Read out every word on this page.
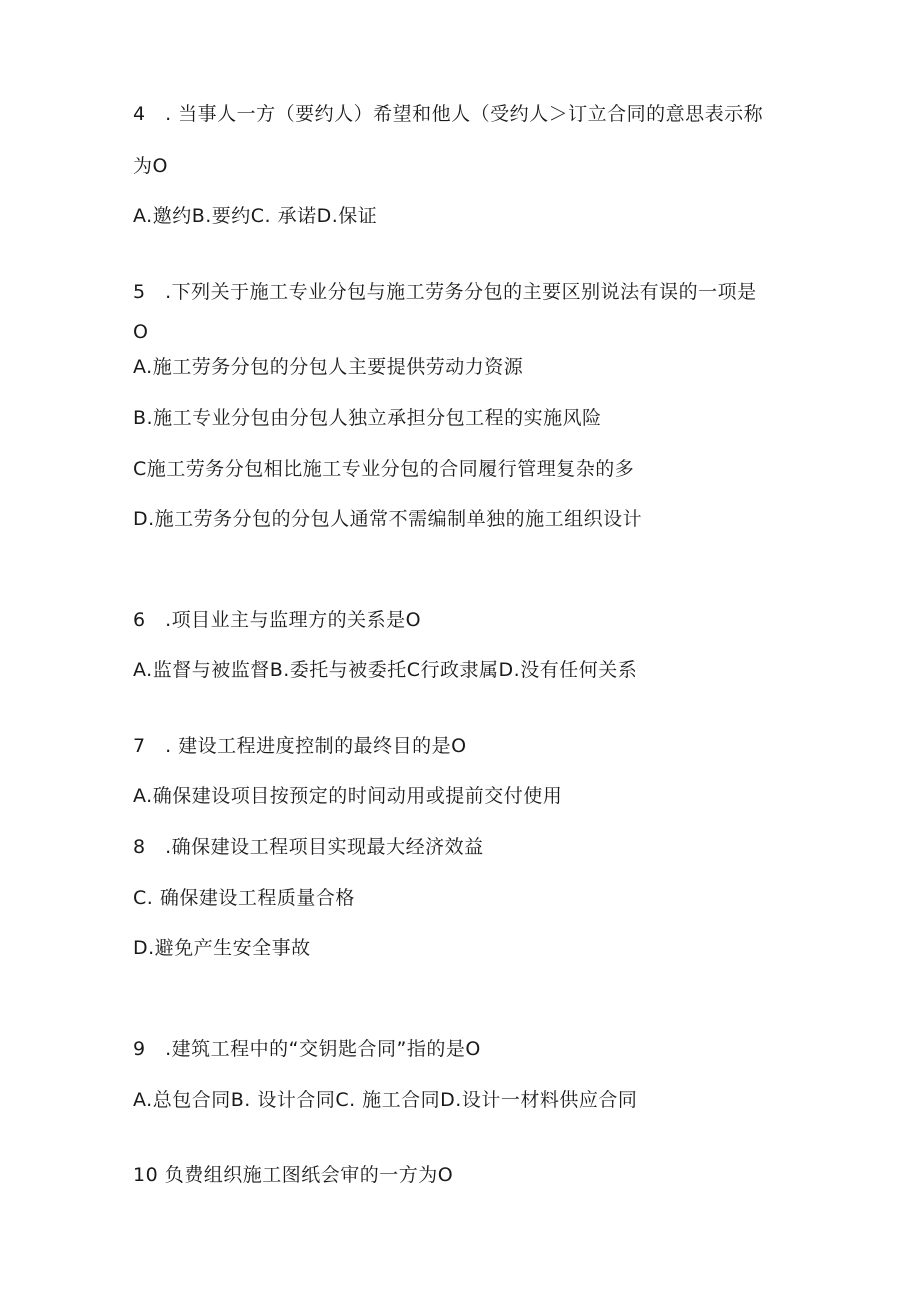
4　. 当事人一方（要约人）希望和他人（受约人＞订立合同的意思表示称
为O
A.邀约B.要约C. 承诺D.保证
5　.下列关于施工专业分包与施工劳务分包的主要区别说法有误的一项是
O
A.施工劳务分包的分包人主要提供劳动力资源
B.施工专业分包由分包人独立承担分包工程的实施风险
C施工劳务分包相比施工专业分包的合同履行管理复杂的多
D.施工劳务分包的分包人通常不需编制单独的施工组织设计
6　.项目业主与监理方的关系是O
A.监督与被监督B.委托与被委托C行政隶属D.没有任何关系
7　. 建设工程进度控制的最终目的是O
A.确保建设项目按预定的时间动用或提前交付使用
8　.确保建设工程项目实现最大经济效益
C. 确保建设工程质量合格
D.避免产生安全事故
9　.建筑工程中的“交钥匙合同”指的是O
A.总包合同B. 设计合同C. 施工合同D.设计一材料供应合同
10 负费组织施工图纸会审的一方为O
